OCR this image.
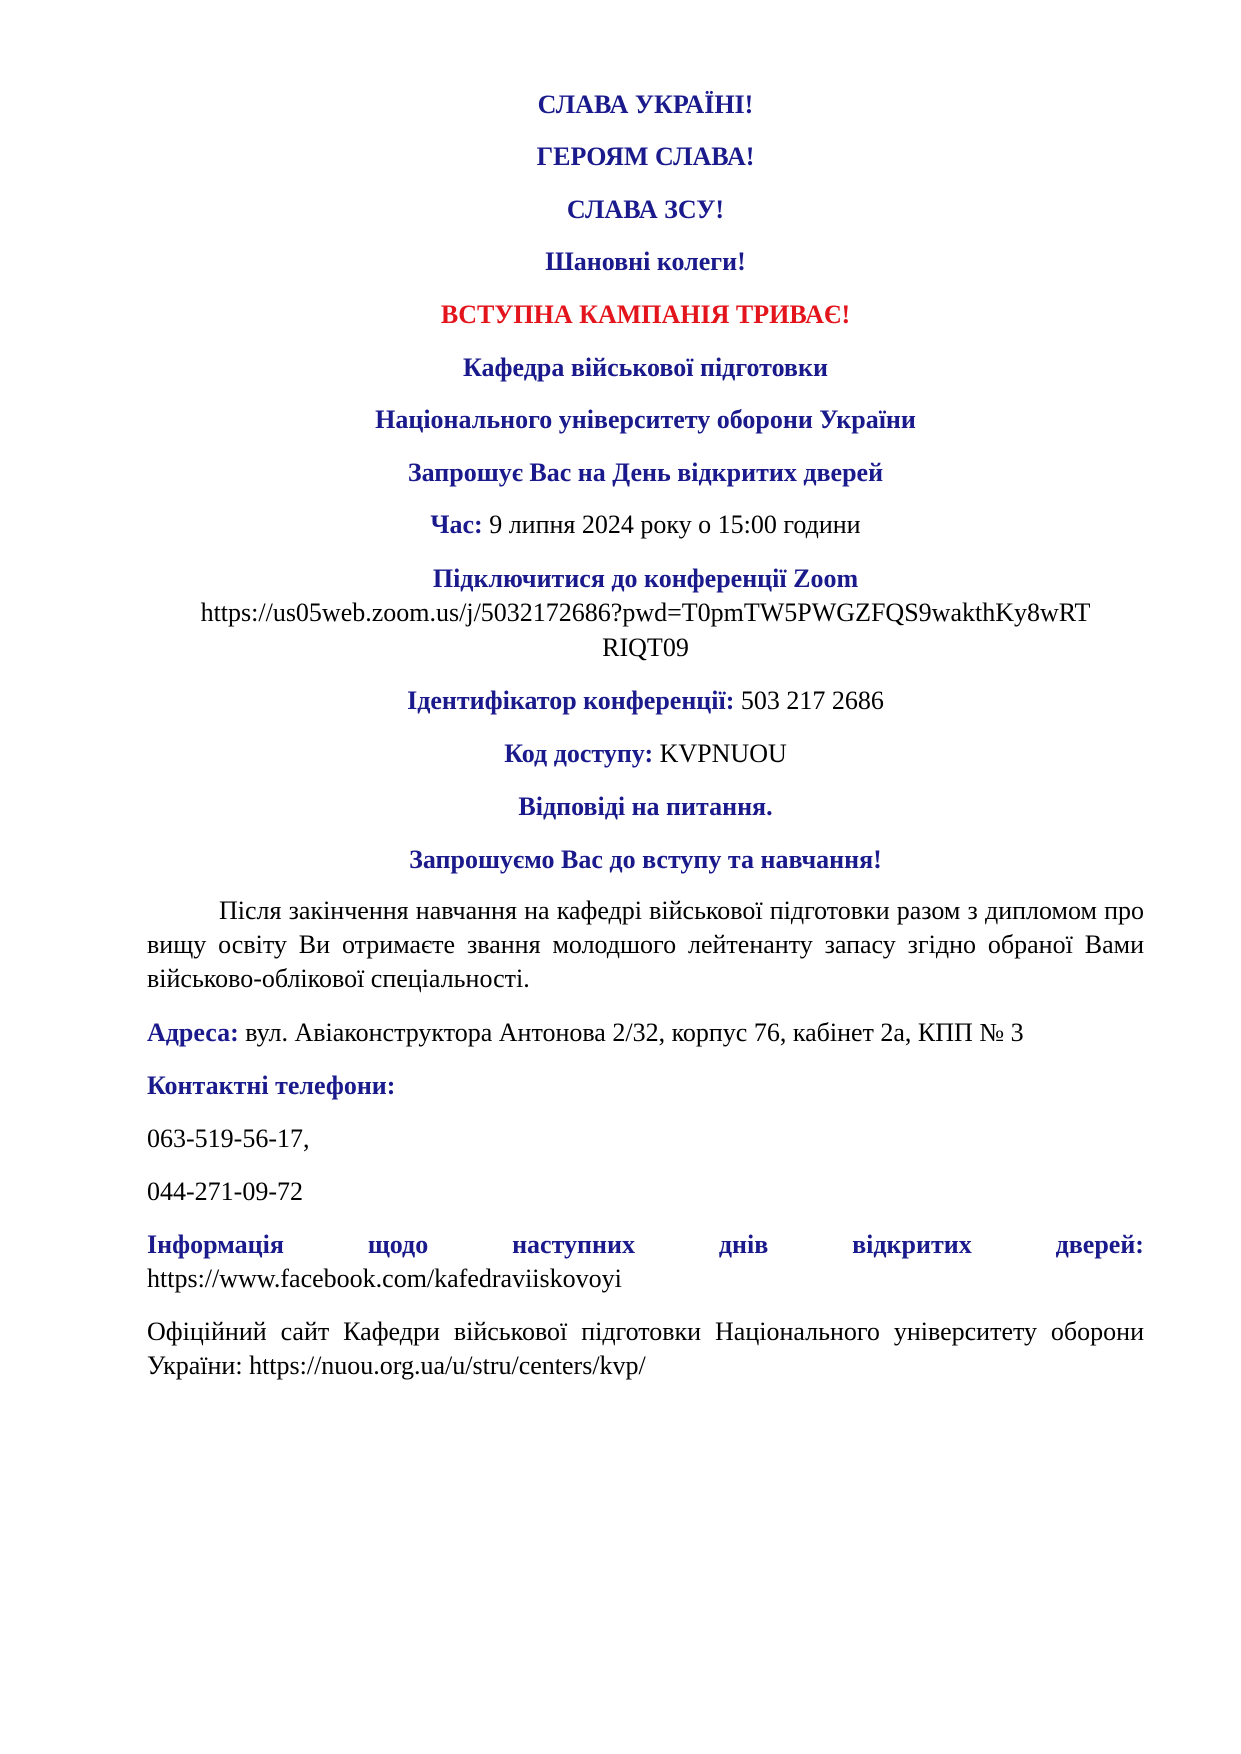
СЛАВА УКРАЇНІ!
ГЕРОЯМ СЛАВА!
СЛАВА ЗСУ!
Шановні колеги!
ВСТУПНА КАМПАНІЯ ТРИВАЄ!
Кафедра військової підготовки
Національного університету оборони України
Запрошує Вас на День відкритих дверей
Час: 9 липня 2024 року о 15:00 години
Підключитися до конференції Zoom
https://us05web.zoom.us/j/5032172686?pwd=T0pmTW5PWGZFQS9wakthKy8wRT
RIQT09
Ідентифікатор конференції: 503 217 2686
Код доступу: KVPNUOU
Відповіді на питання.
Запрошуємо Вас до вступу та навчання!
Після закінчення навчання на кафедрі військової підготовки разом з дипломом про вищу освіту Ви отримаєте звання молодшого лейтенанту запасу згідно обраної Вами військово-облікової спеціальності.
Адреса: вул. Авіаконструктора Антонова 2/32, корпус 76, кабінет 2а, КПП № 3
Контактні телефони:
063-519-56-17,
044-271-09-72
Інформація	щодо	наступних	днів	відкритих	дверей:
https://www.facebook.com/kafedraviiskovoyi
Офіційний сайт Кафедри військової підготовки Національного університету оборони України: https://nuou.org.ua/u/stru/centers/kvp/
